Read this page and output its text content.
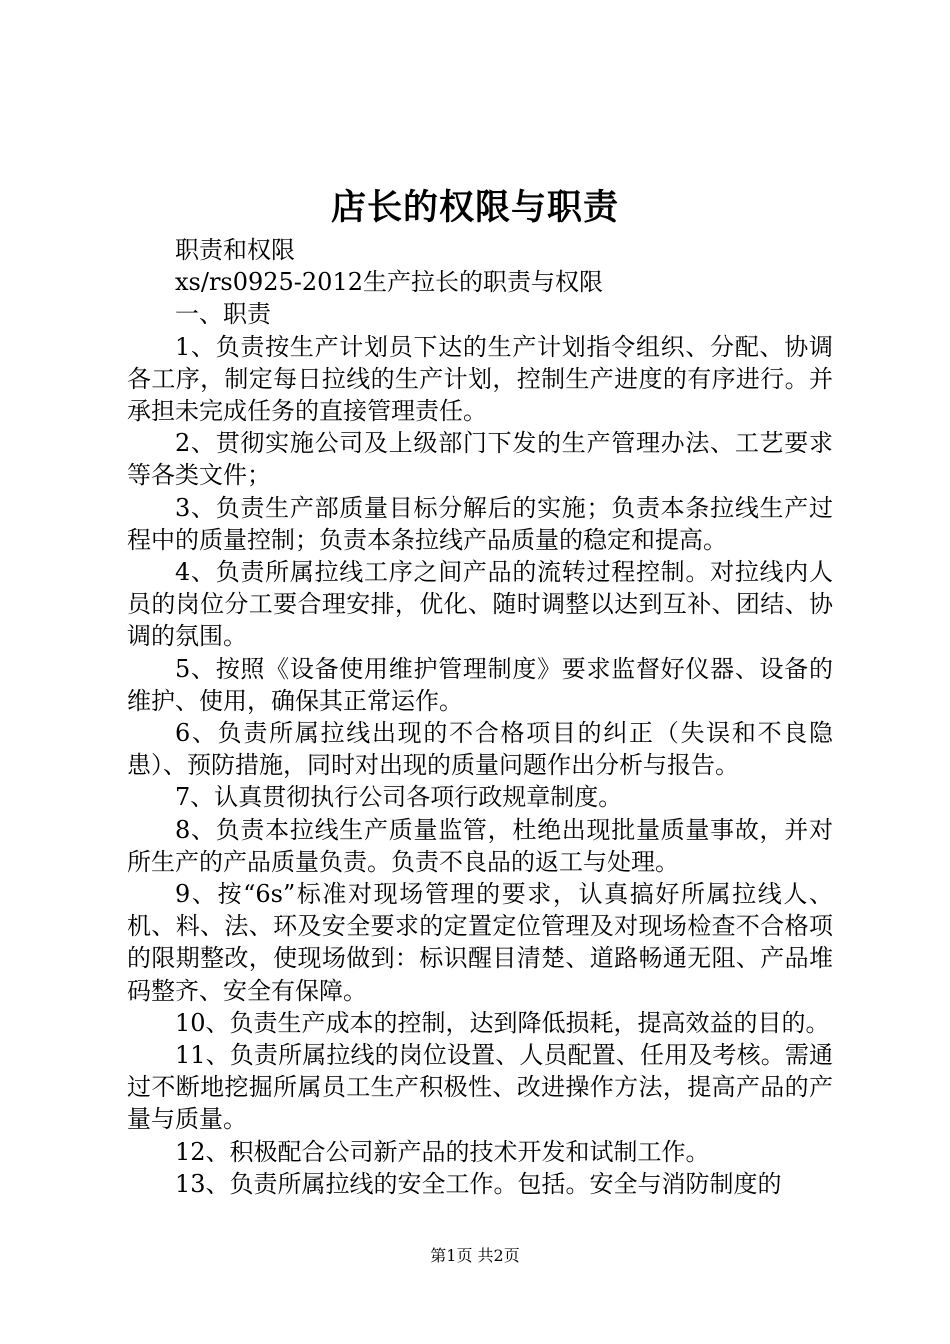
店长的权限与职责

职责和权限

xs/rs0925-2012生产拉长的职责与权限

一、职责

1、负责按生产计划员下达的生产计划指令组织、分配、协调各工序，制定每日拉线的生产计划，控制生产进度的有序进行。并承担未完成任务的直接管理责任。

2、贯彻实施公司及上级部门下发的生产管理办法、工艺要求等各类文件；

3、负责生产部质量目标分解后的实施；负责本条拉线生产过程中的质量控制；负责本条拉线产品质量的稳定和提高。

4、负责所属拉线工序之间产品的流转过程控制。对拉线内人员的岗位分工要合理安排，优化、随时调整以达到互补、团结、协调的氛围。

5、按照《设备使用维护管理制度》要求监督好仪器、设备的维护、使用，确保其正常运作。

6、负责所属拉线出现的不合格项目的纠正（失误和不良隐患）、预防措施，同时对出现的质量问题作出分析与报告。

7、认真贯彻执行公司各项行政规章制度。

8、负责本拉线生产质量监管，杜绝出现批量质量事故，并对所生产的产品质量负责。负责不良品的返工与处理。

9、按“6s”标准对现场管理的要求，认真搞好所属拉线人、机、料、法、环及安全要求的定置定位管理及对现场检查不合格项的限期整改，使现场做到：标识醒目清楚、道路畅通无阻、产品堆码整齐、安全有保障。

10、负责生产成本的控制，达到降低损耗，提高效益的目的。

11、负责所属拉线的岗位设置、人员配置、任用及考核。需通过不断地挖掘所属员工生产积极性、改进操作方法，提高产品的产量与质量。

12、积极配合公司新产品的技术开发和试制工作。

13、负责所属拉线的安全工作。包括。安全与消防制度的

第1页 共2页
